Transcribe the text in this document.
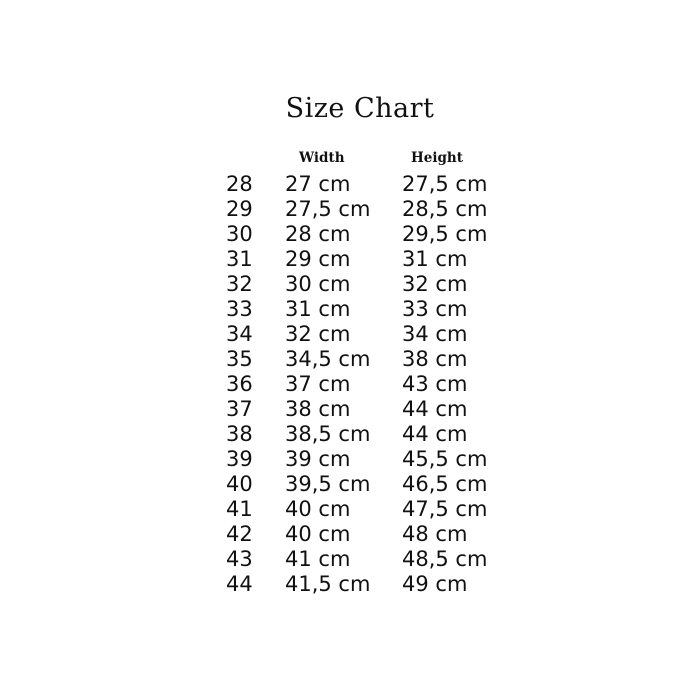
Size Chart
Width	Height
28 27 cm 27,5 cm
29 27,5 cm 28,5 cm
30 28 cm 29,5 cm
31 29 cm 31 cm
32 30 cm 32 cm
33 31 cm 33 cm
34 32 cm 34 cm
35 34,5 cm 38 cm
36 37 cm 43 cm
37 38 cm 44 cm
38 38,5 cm 44 cm
39 39 cm 45,5 cm
40 39,5 cm 46,5 cm
41 40 cm 47,5 cm
42 40 cm 48 cm
43 41 cm 48,5 cm
44 41,5 cm 49 cm
